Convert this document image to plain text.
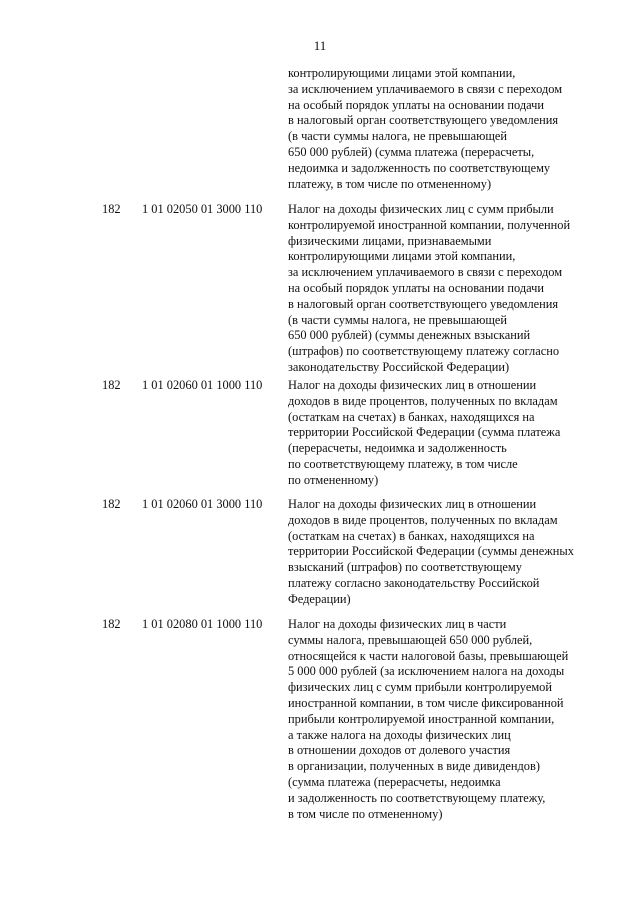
11
контролирующими лицами этой компании,
за исключением уплачиваемого в связи с переходом
на особый порядок уплаты на основании подачи
в налоговый орган соответствующего уведомления
(в части суммы налога, не превышающей
650 000 рублей) (сумма платежа (перерасчеты,
недоимка и задолженность по соответствующему
платежу, в том числе по отмененному)
182 1 01 02050 01 3000 110 Налог на доходы физических лиц с сумм прибыли
контролируемой иностранной компании, полученной
физическими лицами, признаваемыми
контролирующими лицами этой компании,
за исключением уплачиваемого в связи с переходом
на особый порядок уплаты на основании подачи
в налоговый орган соответствующего уведомления
(в части суммы налога, не превышающей
650 000 рублей) (суммы денежных взысканий
(штрафов) по соответствующему платежу согласно
законодательству Российской Федерации)
182 1 01 02060 01 1000 110 Налог на доходы физических лиц в отношении
доходов в виде процентов, полученных по вкладам
(остаткам на счетах) в банках, находящихся на
территории Российской Федерации (сумма платежа
(перерасчеты, недоимка и задолженность
по соответствующему платежу, в том числе
по отмененному)
182 1 01 02060 01 3000 110 Налог на доходы физических лиц в отношении
доходов в виде процентов, полученных по вкладам
(остаткам на счетах) в банках, находящихся на
территории Российской Федерации (суммы денежных
взысканий (штрафов) по соответствующему
платежу согласно законодательству Российской
Федерации)
182 1 01 02080 01 1000 110 Налог на доходы физических лиц в части
суммы налога, превышающей 650 000 рублей,
относящейся к части налоговой базы, превышающей
5 000 000 рублей (за исключением налога на доходы
физических лиц с сумм прибыли контролируемой
иностранной компании, в том числе фиксированной
прибыли контролируемой иностранной компании,
а также налога на доходы физических лиц
в отношении доходов от долевого участия
в организации, полученных в виде дивидендов)
(сумма платежа (перерасчеты, недоимка
и задолженность по соответствующему платежу,
в том числе по отмененному)
